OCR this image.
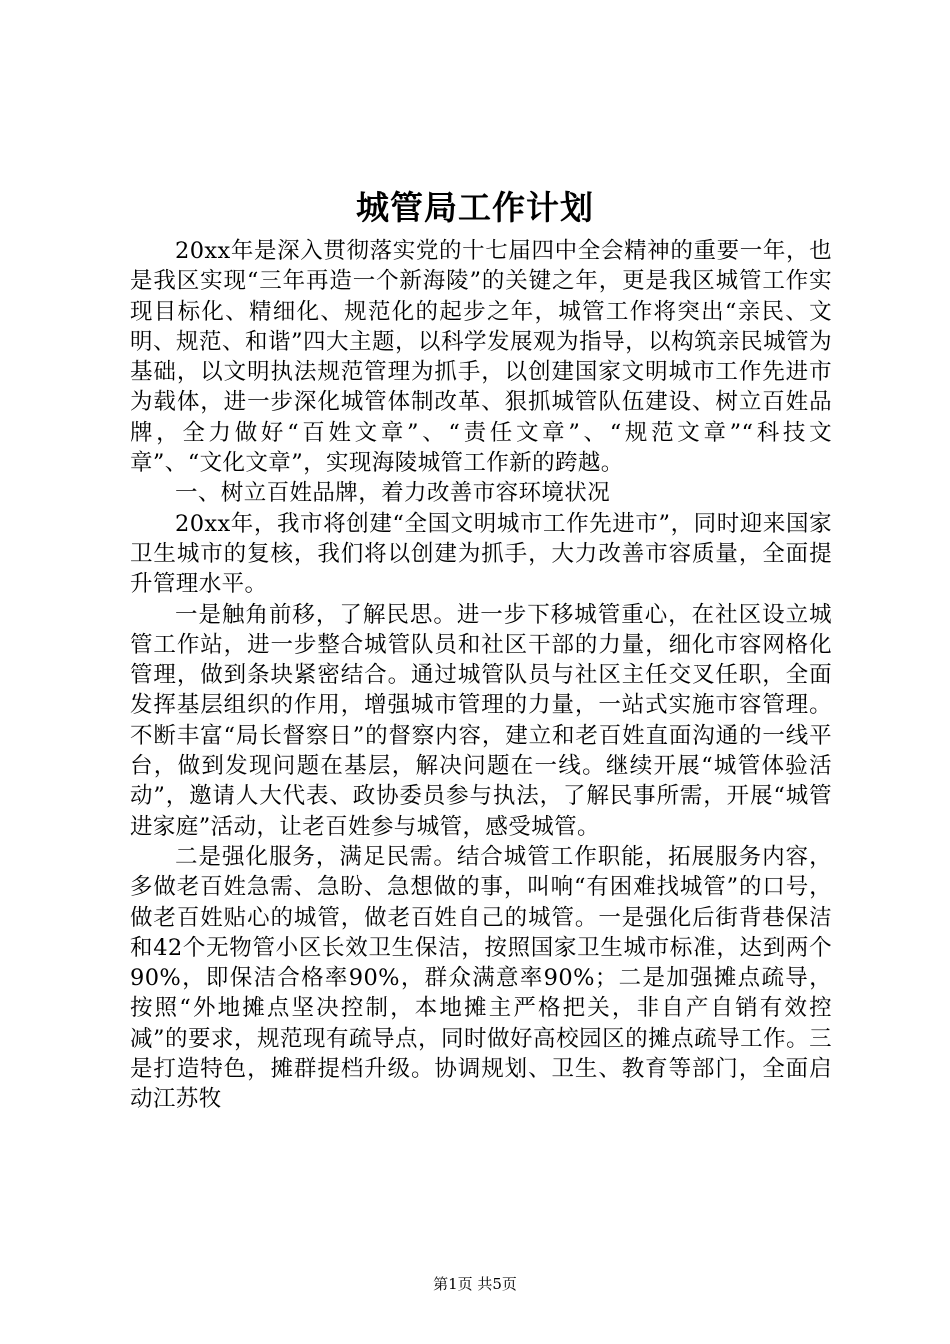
城管局工作计划

20xx年是深入贯彻落实党的十七届四中全会精神的重要一年，也是我区实现“三年再造一个新海陵”的关键之年，更是我区城管工作实现目标化、精细化、规范化的起步之年，城管工作将突出“亲民、文明、规范、和谐”四大主题，以科学发展观为指导，以构筑亲民城管为基础，以文明执法规范管理为抓手，以创建国家文明城市工作先进市为载体，进一步深化城管体制改革、狠抓城管队伍建设、树立百姓品牌，全力做好“百姓文章”、“责任文章”、“规范文章”“科技文章”、“文化文章”，实现海陵城管工作新的跨越。

一、树立百姓品牌，着力改善市容环境状况

20xx年，我市将创建“全国文明城市工作先进市”，同时迎来国家卫生城市的复核，我们将以创建为抓手，大力改善市容质量，全面提升管理水平。

一是触角前移，了解民思。进一步下移城管重心，在社区设立城管工作站，进一步整合城管队员和社区干部的力量，细化市容网格化管理，做到条块紧密结合。通过城管队员与社区主任交叉任职，全面发挥基层组织的作用，增强城市管理的力量，一站式实施市容管理。不断丰富“局长督察日”的督察内容，建立和老百姓直面沟通的一线平台，做到发现问题在基层，解决问题在一线。继续开展“城管体验活动”，邀请人大代表、政协委员参与执法，了解民事所需，开展“城管进家庭”活动，让老百姓参与城管，感受城管。

二是强化服务，满足民需。结合城管工作职能，拓展服务内容，多做老百姓急需、急盼、急想做的事，叫响“有困难找城管”的口号，做老百姓贴心的城管，做老百姓自己的城管。一是强化后街背巷保洁和42个无物管小区长效卫生保洁，按照国家卫生城市标准，达到两个90%，即保洁合格率90%，群众满意率90%；二是加强摊点疏导，按照“外地摊点坚决控制，本地摊主严格把关，非自产自销有效控减”的要求，规范现有疏导点，同时做好高校园区的摊点疏导工作。三是打造特色，摊群提档升级。协调规划、卫生、教育等部门，全面启动江苏牧

第1页 共5页
